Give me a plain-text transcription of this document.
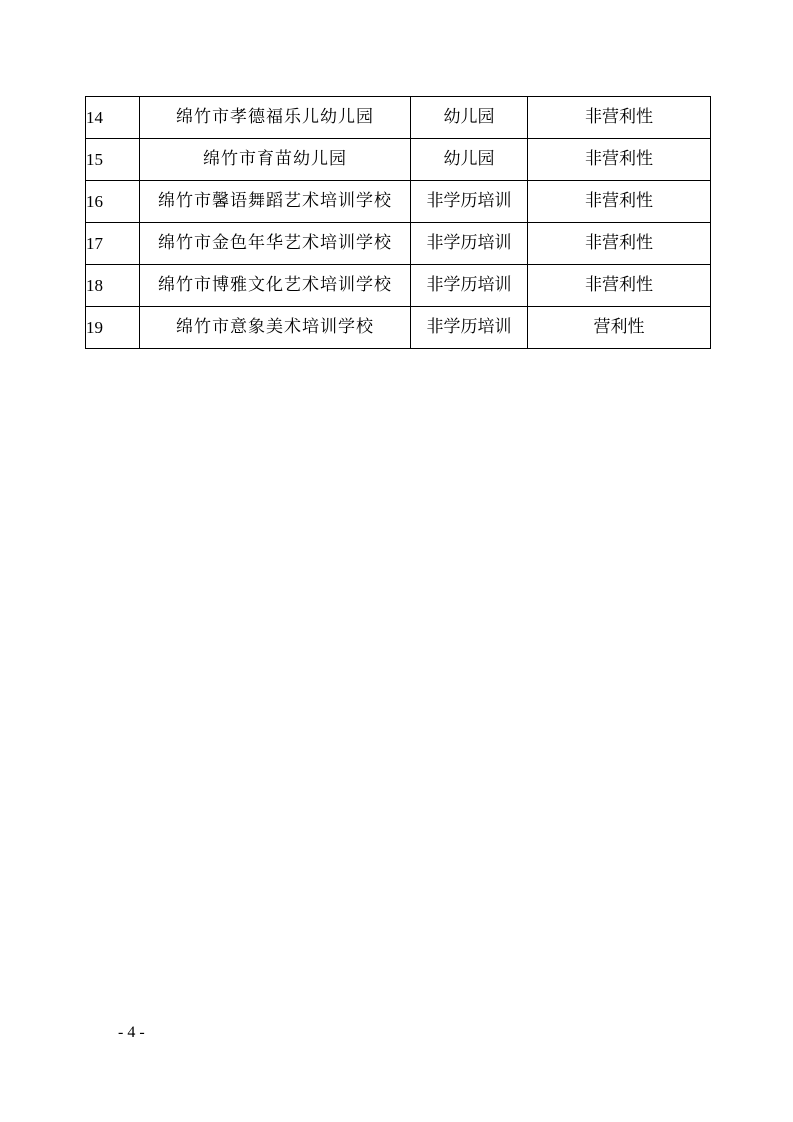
14	绵竹市孝德福乐儿幼儿园	幼儿园	非营利性
15	绵竹市育苗幼儿园	幼儿园	非营利性
16	绵竹市馨语舞蹈艺术培训学校	非学历培训	非营利性
17	绵竹市金色年华艺术培训学校	非学历培训	非营利性
18	绵竹市博雅文化艺术培训学校	非学历培训	非营利性
19	绵竹市意象美术培训学校	非学历培训	营利性
- 4 -
